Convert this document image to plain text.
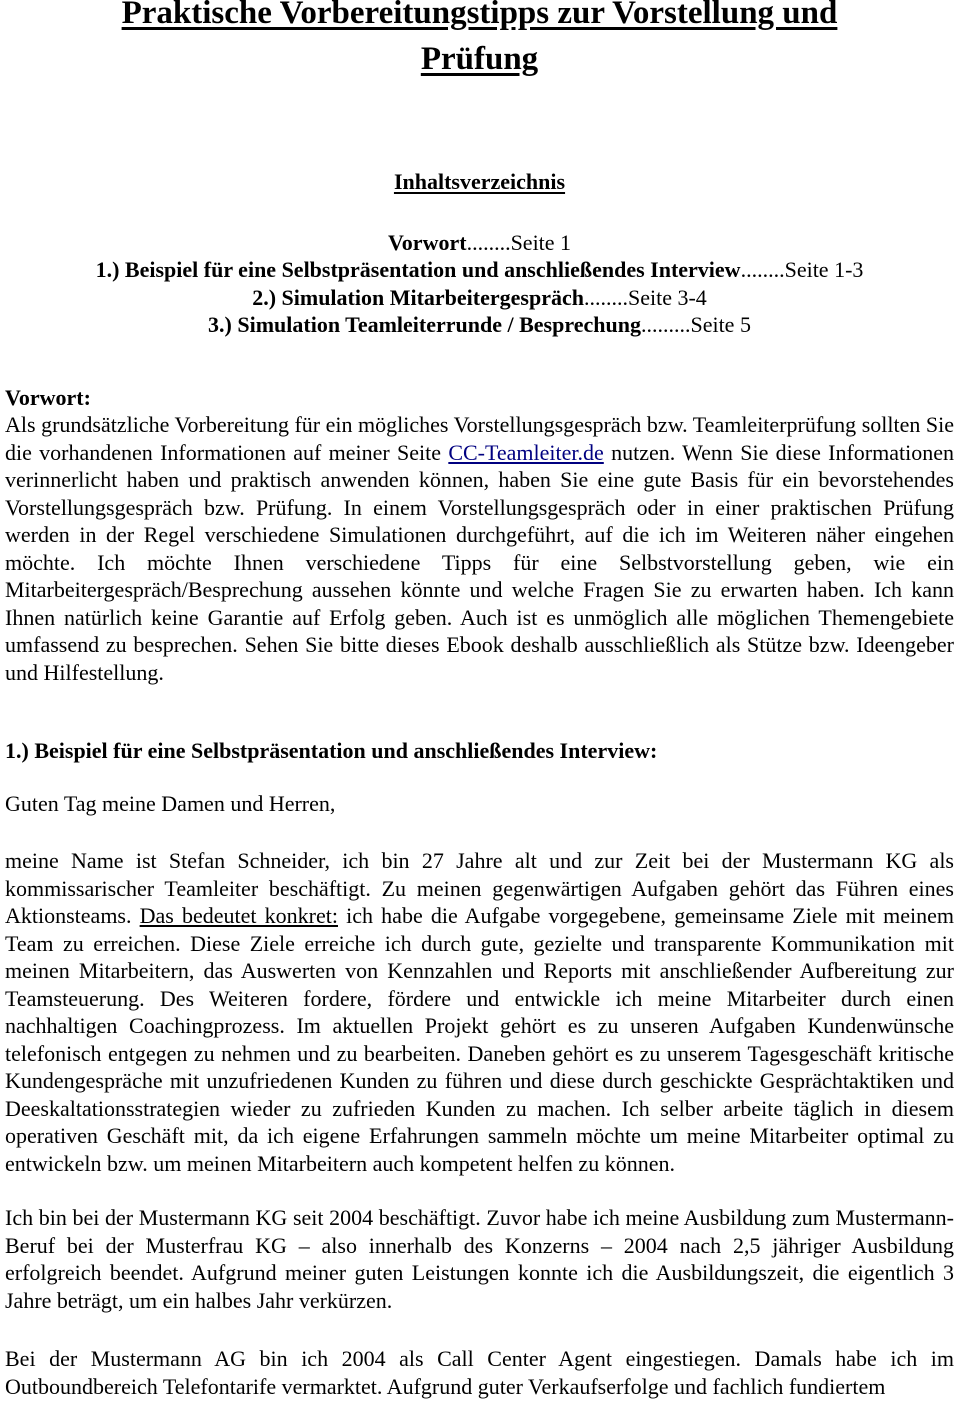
Praktische Vorbereitungstipps zur Vorstellung und
Prüfung
Inhaltsverzeichnis
Vorwort........Seite 1
1.) Beispiel für eine Selbstpräsentation und anschließendes Interview........Seite 1-3
2.) Simulation Mitarbeitergespräch........Seite 3-4
3.) Simulation Teamleiterrunde / Besprechung.........Seite 5
Vorwort:
Als grundsätzliche Vorbereitung für ein mögliches Vorstellungsgespräch bzw. Teamleiterprüfung sollten Sie die vorhandenen Informationen auf meiner Seite CC-Teamleiter.de nutzen. Wenn Sie diese Informationen verinnerlicht haben und praktisch anwenden können, haben Sie eine gute Basis für ein bevorstehendes Vorstellungsgespräch bzw. Prüfung. In einem Vorstellungsgespräch oder in einer praktischen Prüfung werden in der Regel verschiedene Simulationen durchgeführt, auf die ich im Weiteren näher eingehen möchte. Ich möchte Ihnen verschiedene Tipps für eine Selbstvorstellung geben, wie ein Mitarbeitergespräch/Besprechung aussehen könnte und welche Fragen Sie zu erwarten haben. Ich kann Ihnen natürlich keine Garantie auf Erfolg geben. Auch ist es unmöglich alle möglichen Themengebiete umfassend zu besprechen. Sehen Sie bitte dieses Ebook deshalb ausschließlich als Stütze bzw. Ideengeber und Hilfestellung.
1.) Beispiel für eine Selbstpräsentation und anschließendes Interview:
Guten Tag meine Damen und Herren,
meine Name ist Stefan Schneider, ich bin 27 Jahre alt und zur Zeit bei der Mustermann KG als kommissarischer Teamleiter beschäftigt. Zu meinen gegenwärtigen Aufgaben gehört das Führen eines Aktionsteams. Das bedeutet konkret: ich habe die Aufgabe vorgegebene, gemeinsame Ziele mit meinem Team zu erreichen. Diese Ziele erreiche ich durch gute, gezielte und transparente Kommunikation mit meinen Mitarbeitern, das Auswerten von Kennzahlen und Reports mit anschließender Aufbereitung zur Teamsteuerung. Des Weiteren fordere, fördere und entwickle ich meine Mitarbeiter durch einen nachhaltigen Coachingprozess. Im aktuellen Projekt gehört es zu unseren Aufgaben Kundenwünsche telefonisch entgegen zu nehmen und zu bearbeiten. Daneben gehört es zu unserem Tagesgeschäft kritische Kundengespräche mit unzufriedenen Kunden zu führen und diese durch geschickte Gesprächtaktiken und Deeskaltationsstrategien wieder zu zufrieden Kunden zu machen. Ich selber arbeite täglich in diesem operativen Geschäft mit, da ich eigene Erfahrungen sammeln möchte um meine Mitarbeiter optimal zu entwickeln bzw. um meinen Mitarbeitern auch kompetent helfen zu können.
Ich bin bei der Mustermann KG seit 2004 beschäftigt. Zuvor habe ich meine Ausbildung zum Mustermann-Beruf bei der Musterfrau KG – also innerhalb des Konzerns – 2004 nach 2,5 jähriger Ausbildung erfolgreich beendet. Aufgrund meiner guten Leistungen konnte ich die Ausbildungszeit, die eigentlich 3 Jahre beträgt, um ein halbes Jahr verkürzen.
Bei der Mustermann AG bin ich 2004 als Call Center Agent eingestiegen. Damals habe ich im Outboundbereich Telefontarife vermarktet. Aufgrund guter Verkaufserfolge und fachlich fundiertem
